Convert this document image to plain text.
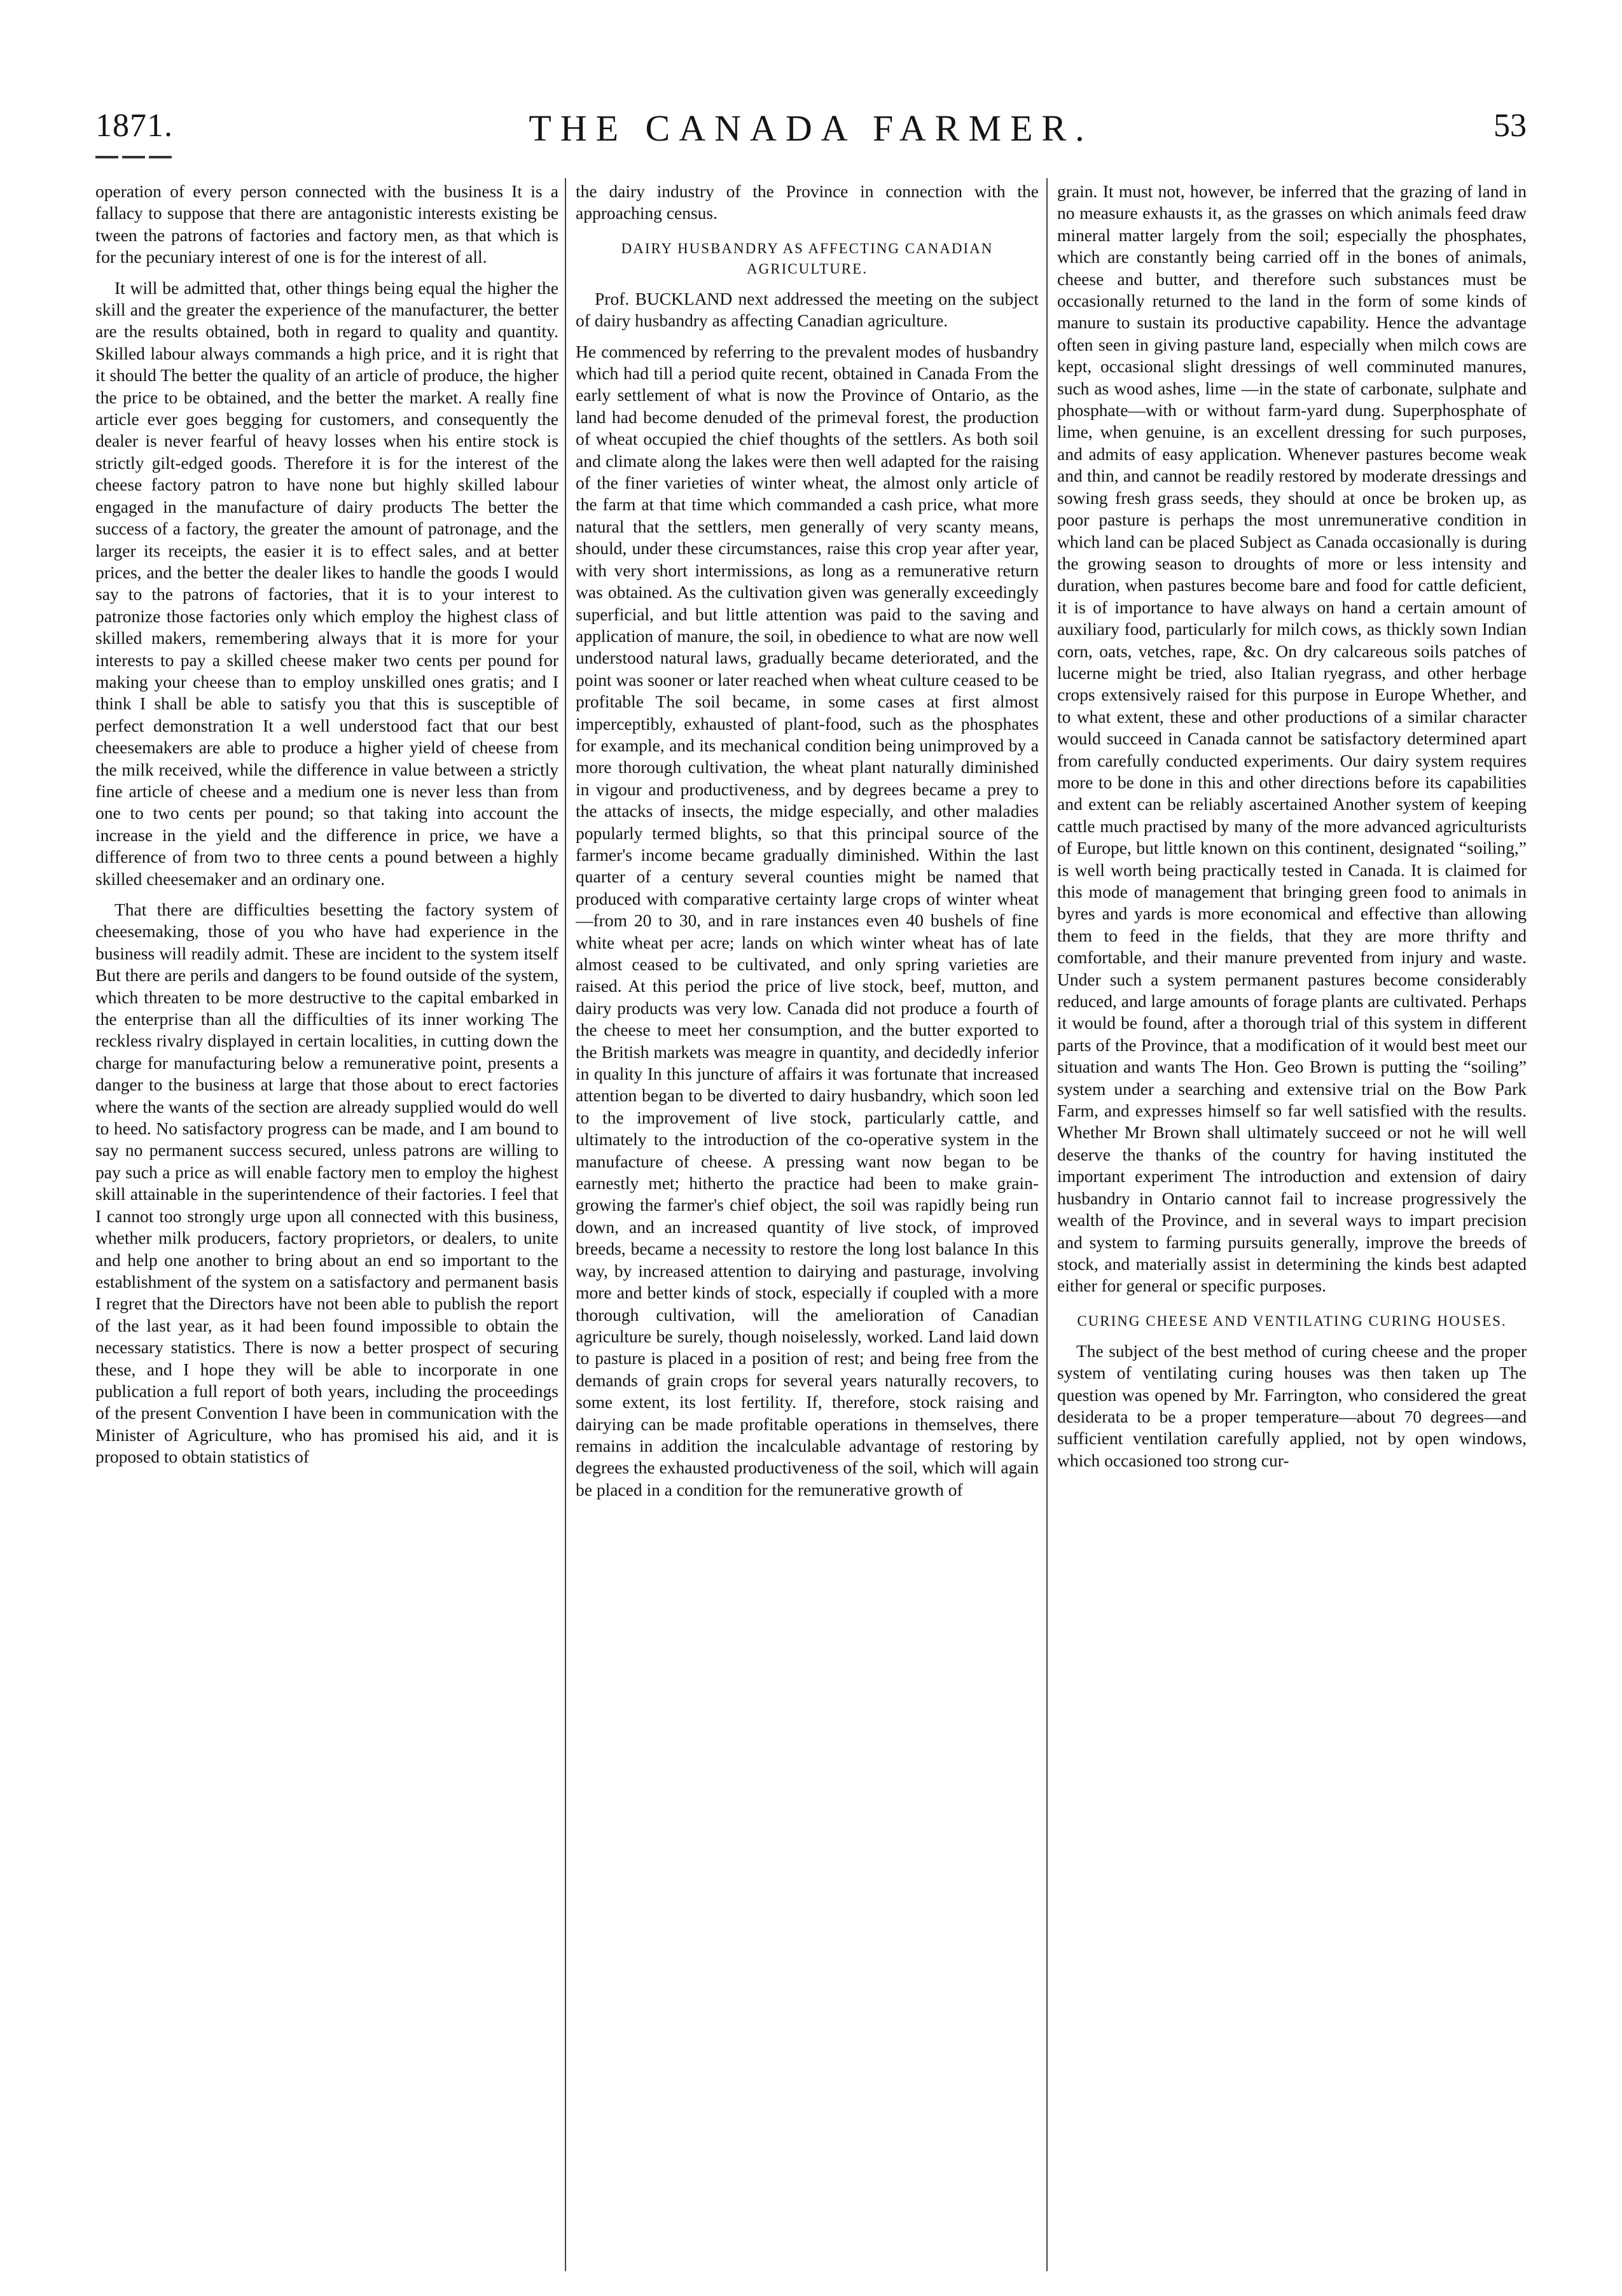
1871.	THE CANADA FARMER.	53

operation of every person connected with the business It is a fallacy to suppose that there are antagonistic interests existing be tween the patrons of factories and factory men, as that which is for the pecuniary interest of one is for the interest of all.

It will be admitted that, other things being equal the higher the skill and the greater the experience of the manufacturer, the better are the results obtained, both in regard to quality and quantity. Skilled labour always commands a high price, and it is right that it should The better the quality of an article of produce, the higher the price to be obtained, and the better the market. A really fine article ever goes begging for customers, and consequently the dealer is never fearful of heavy losses when his entire stock is strictly gilt-edged goods. Therefore it is for the interest of the cheese factory patron to have none but highly skilled labour engaged in the manufacture of dairy products The better the success of a factory, the greater the amount of patronage, and the larger its receipts, the easier it is to effect sales, and at better prices, and the better the dealer likes to handle the goods I would say to the patrons of factories, that it is to your interest to patronize those factories only which employ the highest class of skilled makers, remembering always that it is more for your interests to pay a skilled cheese maker two cents per pound for making your cheese than to employ unskilled ones gratis; and I think I shall be able to satisfy you that this is susceptible of perfect demonstration It a well understood fact that our best cheesemakers are able to produce a higher yield of cheese from the milk received, while the difference in value between a strictly fine article of cheese and a medium one is never less than from one to two cents per pound; so that taking into account the increase in the yield and the difference in price, we have a difference of from two to three cents a pound between a highly skilled cheesemaker and an ordinary one.

That there are difficulties besetting the factory system of cheesemaking, those of you who have had experience in the business will readily admit. These are incident to the system itself But there are perils and dangers to be found outside of the system, which threaten to be more destructive to the capital embarked in the enterprise than all the difficulties of its inner working The reckless rivalry displayed in certain localities, in cutting down the charge for manufacturing below a remunerative point, presents a danger to the business at large that those about to erect factories where the wants of the section are already supplied would do well to heed. No satisfactory progress can be made, and I am bound to say no permanent success secured, unless patrons are willing to pay such a price as will enable factory men to employ the highest skill attainable in the superintendence of their factories. I feel that I cannot too strongly urge upon all connected with this business, whether milk producers, factory proprietors, or dealers, to unite and help one another to bring about an end so important to the establishment of the system on a satisfactory and permanent basis I regret that the Directors have not been able to publish the report of the last year, as it had been found impossible to obtain the necessary statistics. There is now a better prospect of securing these, and I hope they will be able to incorporate in one publication a full report of both years, including the proceedings of the present Convention I have been in communication with the Minister of Agriculture, who has promised his aid, and it is proposed to obtain statistics of

the dairy industry of the Province in connection with the approaching census.

DAIRY HUSBANDRY AS AFFECTING CANADIAN AGRICULTURE.

Prof. BUCKLAND next addressed the meeting on the subject of dairy husbandry as affecting Canadian agriculture.

He commenced by referring to the prevalent modes of husbandry which had till a period quite recent, obtained in Canada From the early settlement of what is now the Province of Ontario, as the land had become denuded of the primeval forest, the production of wheat occupied the chief thoughts of the settlers. As both soil and climate along the lakes were then well adapted for the raising of the finer varieties of winter wheat, the almost only article of the farm at that time which commanded a cash price, what more natural that the settlers, men generally of very scanty means, should, under these circumstances, raise this crop year after year, with very short intermissions, as long as a remunerative return was obtained. As the cultivation given was generally exceedingly superficial, and but little attention was paid to the saving and application of manure, the soil, in obedience to what are now well understood natural laws, gradually became deteriorated, and the point was sooner or later reached when wheat culture ceased to be profitable The soil became, in some cases at first almost imperceptibly, exhausted of plant-food, such as the phosphates for example, and its mechanical condition being unimproved by a more thorough cultivation, the wheat plant naturally diminished in vigour and productiveness, and by degrees became a prey to the attacks of insects, the midge especially, and other maladies popularly termed blights, so that this principal source of the farmer's income became gradually diminished. Within the last quarter of a century several counties might be named that produced with comparative certainty large crops of winter wheat—from 20 to 30, and in rare instances even 40 bushels of fine white wheat per acre; lands on which winter wheat has of late almost ceased to be cultivated, and only spring varieties are raised. At this period the price of live stock, beef, mutton, and dairy products was very low. Canada did not produce a fourth of the cheese to meet her consumption, and the butter exported to the British markets was meagre in quantity, and decidedly inferior in quality In this juncture of affairs it was fortunate that increased attention began to be diverted to dairy husbandry, which soon led to the improvement of live stock, particularly cattle, and ultimately to the introduction of the co-operative system in the manufacture of cheese. A pressing want now began to be earnestly met; hitherto the practice had been to make grain-growing the farmer's chief object, the soil was rapidly being run down, and an increased quantity of live stock, of improved breeds, became a necessity to restore the long lost balance In this way, by increased attention to dairying and pasturage, involving more and better kinds of stock, especially if coupled with a more thorough cultivation, will the amelioration of Canadian agriculture be surely, though noiselessly, worked. Land laid down to pasture is placed in a position of rest; and being free from the demands of grain crops for several years naturally recovers, to some extent, its lost fertility. If, therefore, stock raising and dairying can be made profitable operations in themselves, there remains in addition the incalculable advantage of restoring by degrees the exhausted productiveness of the soil, which will again be placed in a condition for the remunerative growth of

grain. It must not, however, be inferred that the grazing of land in no measure exhausts it, as the grasses on which animals feed draw mineral matter largely from the soil; especially the phosphates, which are constantly being carried off in the bones of animals, cheese and butter, and therefore such substances must be occasionally returned to the land in the form of some kinds of manure to sustain its productive capability. Hence the advantage often seen in giving pasture land, especially when milch cows are kept, occasional slight dressings of well comminuted manures, such as wood ashes, lime —in the state of carbonate, sulphate and phosphate—with or without farm-yard dung. Superphosphate of lime, when genuine, is an excellent dressing for such purposes, and admits of easy application. Whenever pastures become weak and thin, and cannot be readily restored by moderate dressings and sowing fresh grass seeds, they should at once be broken up, as poor pasture is perhaps the most unremunerative condition in which land can be placed Subject as Canada occasionally is during the growing season to droughts of more or less intensity and duration, when pastures become bare and food for cattle deficient, it is of importance to have always on hand a certain amount of auxiliary food, particularly for milch cows, as thickly sown Indian corn, oats, vetches, rape, &c. On dry calcareous soils patches of lucerne might be tried, also Italian ryegrass, and other herbage crops extensively raised for this purpose in Europe Whether, and to what extent, these and other productions of a similar character would succeed in Canada cannot be satisfactory determined apart from carefully conducted experiments. Our dairy system requires more to be done in this and other directions before its capabilities and extent can be reliably ascertained Another system of keeping cattle much practised by many of the more advanced agriculturists of Europe, but little known on this continent, designated “soiling,” is well worth being practically tested in Canada. It is claimed for this mode of management that bringing green food to animals in byres and yards is more economical and effective than allowing them to feed in the fields, that they are more thrifty and comfortable, and their manure prevented from injury and waste. Under such a system permanent pastures become considerably reduced, and large amounts of forage plants are cultivated. Perhaps it would be found, after a thorough trial of this system in different parts of the Province, that a modification of it would best meet our situation and wants The Hon. Geo Brown is putting the “soiling” system under a searching and extensive trial on the Bow Park Farm, and expresses himself so far well satisfied with the results. Whether Mr Brown shall ultimately succeed or not he will well deserve the thanks of the country for having instituted the important experiment The introduction and extension of dairy husbandry in Ontario cannot fail to increase progressively the wealth of the Province, and in several ways to impart precision and system to farming pursuits generally, improve the breeds of stock, and materially assist in determining the kinds best adapted either for general or specific purposes.

CURING CHEESE AND VENTILATING CURING HOUSES.

The subject of the best method of curing cheese and the proper system of ventilating curing houses was then taken up The question was opened by Mr. Farrington, who considered the great desiderata to be a proper temperature—about 70 degrees—and sufficient ventilation carefully applied, not by open windows, which occasioned too strong cur-
